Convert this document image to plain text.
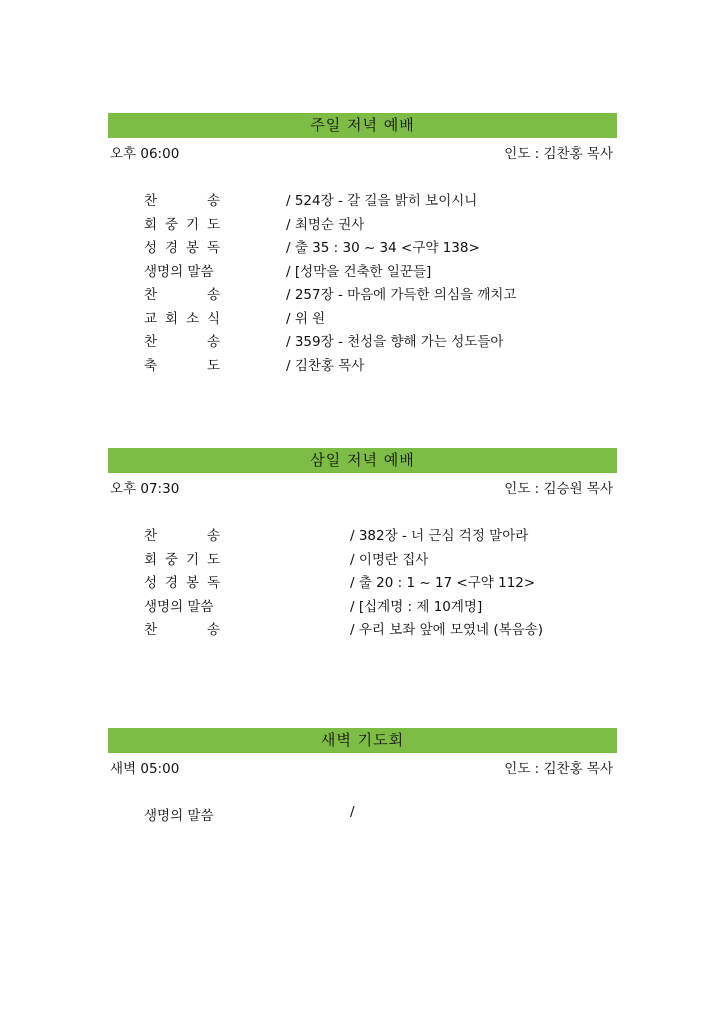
주일 저녁 예배
오후 06:00	인도 : 김찬홍 목사
찬	송	/ 524장 - 갈 길을 밝히 보이시니
회 중 기 도	/ 최명순 권사
성 경 봉 독	/ 출 35 : 30 ~ 34 <구약 138>
생명의 말씀	/ [성막을 건축한 일꾼들]
찬	송	/ 257장 - 마음에 가득한 의심을 깨치고
교 회 소 식	/ 위 원
찬	송	/ 359장 - 천성을 향해 가는 성도들아
축	도	/ 김찬홍 목사
삼일 저녁 예배
오후 07:30	인도 : 김승원 목사
찬	송	/ 382장 - 너 근심 걱정 말아라
회 중 기 도	/ 이명란 집사
성 경 봉 독	/ 출 20 : 1 ~ 17 <구약 112>
생명의 말씀	/ [십계명 : 제 10계명]
찬	송	/ 우리 보좌 앞에 모였네 (복음송)
새벽 기도회
새벽 05:00	인도 : 김찬홍 목사
생명의 말씀	/
